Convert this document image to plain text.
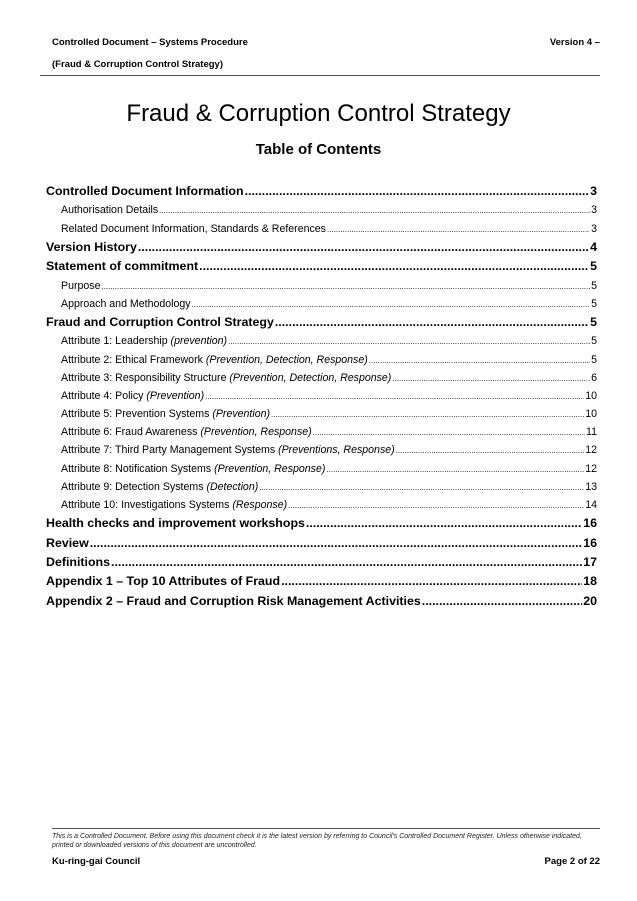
Controlled Document – Systems Procedure	Version 4 –
(Fraud & Corruption Control Strategy)
Fraud & Corruption Control Strategy
Table of Contents
Controlled Document Information .....	3
Authorisation Details .....	3
Related Document Information, Standards & References .....	3
Version History .....	4
Statement of commitment .....	5
Purpose .....	5
Approach and Methodology .....	5
Fraud and Corruption Control Strategy .....	5
Attribute 1: Leadership (prevention) .....	5
Attribute 2: Ethical Framework (Prevention, Detection, Response) .....	5
Attribute 3: Responsibility Structure (Prevention, Detection, Response) .....	6
Attribute 4: Policy (Prevention) .....	10
Attribute 5: Prevention Systems (Prevention) .....	10
Attribute 6: Fraud Awareness (Prevention, Response) .....	11
Attribute 7: Third Party Management Systems (Preventions, Response) .....	12
Attribute 8: Notification Systems (Prevention, Response) .....	12
Attribute 9: Detection Systems (Detection) .....	13
Attribute 10: Investigations Systems (Response) .....	14
Health checks and improvement workshops .....	16
Review .....	16
Definitions .....	17
Appendix 1 – Top 10 Attributes of Fraud .....	18
Appendix 2 – Fraud and Corruption Risk Management Activities .....	20
This is a Controlled Document. Before using this document check it is the latest version by referring to Council's Controlled Document Register. Unless otherwise indicated, printed or downloaded versions of this document are uncontrolled.
Ku-ring-gai Council	Page 2 of 22
